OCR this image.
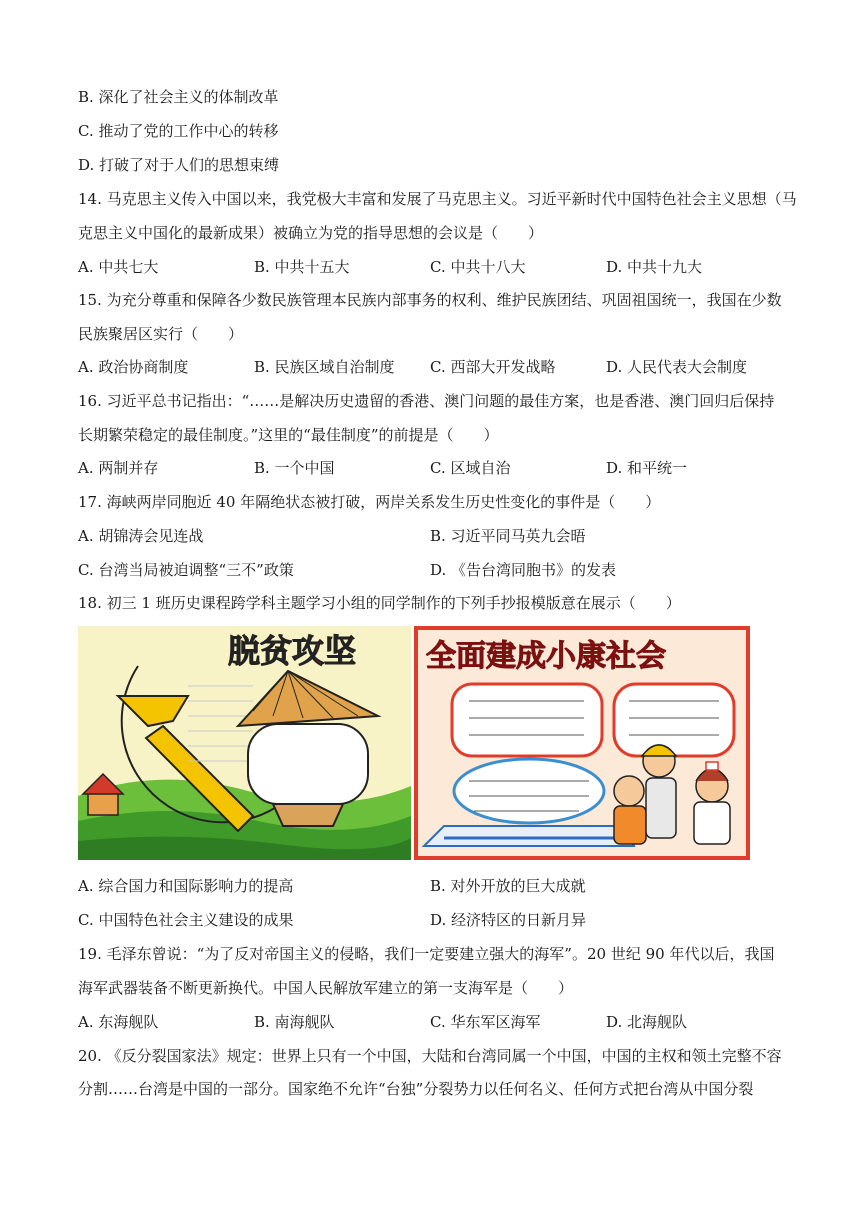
B. 深化了社会主义的体制改革
C. 推动了党的工作中心的转移
D. 打破了对于人们的思想束缚
14. 马克思主义传入中国以来，我党极大丰富和发展了马克思主义。习近平新时代中国特色社会主义思想（马
克思主义中国化的最新成果）被确立为党的指导思想的会议是（　　）
A. 中共七大	B. 中共十五大	C. 中共十八大	D. 中共十九大
15. 为充分尊重和保障各少数民族管理本民族内部事务的权利、维护民族团结、巩固祖国统一，我国在少数
民族聚居区实行（　　）
A. 政治协商制度	B. 民族区域自治制度 C. 西部大开发战略	D. 人民代表大会制度
16. 习近平总书记指出：“……是解决历史遗留的香港、澳门问题的最佳方案，也是香港、澳门回归后保持
长期繁荣稳定的最佳制度。”这里的“最佳制度”的前提是（　　）
A. 两制并存	B. 一个中国	C. 区域自治	D. 和平统一
17. 海峡两岸同胞近 40 年隔绝状态被打破，两岸关系发生历史性变化的事件是（　　）
A. 胡锦涛会见连战	B. 习近平同马英九会晤
C. 台湾当局被迫调整“三不”政策	D. 《告台湾同胞书》的发表
18. 初三 1 班历史课程跨学科主题学习小组的同学制作的下列手抄报模版意在展示（　　）
脱贫攻坚 全面建成小康社会
A. 综合国力和国际影响力的提高	B. 对外开放的巨大成就
C. 中国特色社会主义建设的成果	D. 经济特区的日新月异
19. 毛泽东曾说：“为了反对帝国主义的侵略，我们一定要建立强大的海军”。20 世纪 90 年代以后，我国
海军武器装备不断更新换代。中国人民解放军建立的第一支海军是（　　）
A. 东海舰队	B. 南海舰队	C. 华东军区海军	D. 北海舰队
20. 《反分裂国家法》规定：世界上只有一个中国，大陆和台湾同属一个中国，中国的主权和领土完整不容
分割……台湾是中国的一部分。国家绝不允许“台独”分裂势力以任何名义、任何方式把台湾从中国分裂
